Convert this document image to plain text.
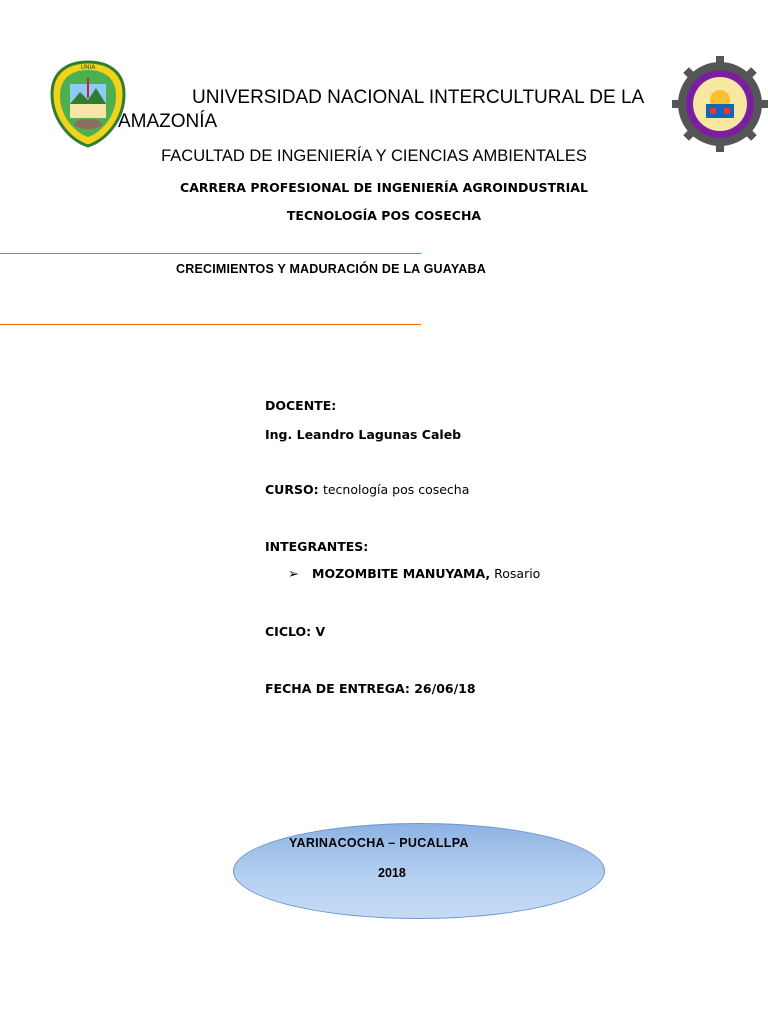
UNIA
UNIVERSIDAD NACIONAL INTERCULTURAL DE LA AMAZONÍA
FACULTAD DE INGENIERÍA Y CIENCIAS AMBIENTALES
CARRERA PROFESIONAL DE INGENIERÍA AGROINDUSTRIAL
TECNOLOGÍA POS COSECHA
CRECIMIENTOS Y MADURACIÓN DE LA GUAYABA
DOCENTE:
Ing. Leandro Lagunas Caleb
CURSO: tecnología pos cosecha
INTEGRANTES:
➢ MOZOMBITE MANUYAMA, Rosario
CICLO: V
FECHA DE ENTREGA: 26/06/18
YARINACOCHA – PUCALLPA
2018
